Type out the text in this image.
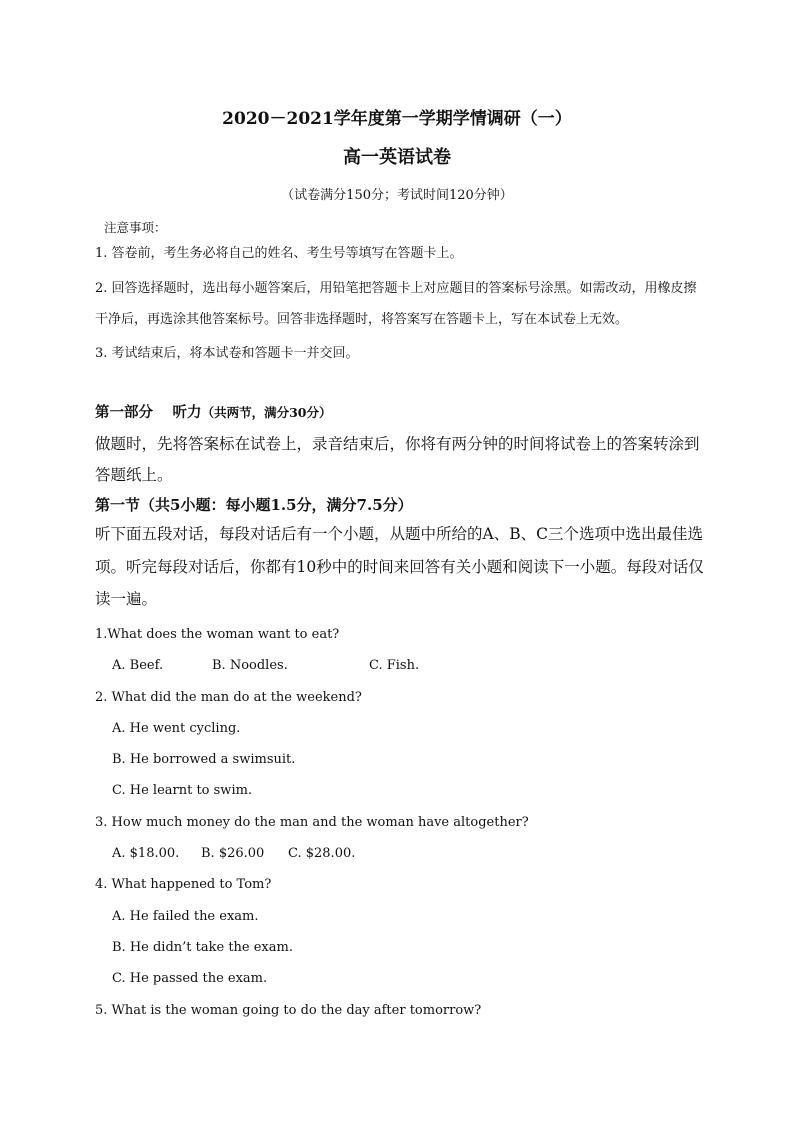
2020－2021学年度第一学期学情调研（一）
高一英语试卷
（试卷满分150分；考试时间120分钟）
注意事项：

1. 答卷前，考生务必将自己的姓名、考生号等填写在答题卡上。

2. 回答选择题时，选出每小题答案后，用铅笔把答题卡上对应题目的答案标号涂黑。如需改动，用橡皮擦干净后，再选涂其他答案标号。回答非选择题时，将答案写在答题卡上，写在本试卷上无效。

3. 考试结束后，将本试卷和答题卡一并交回。

第一部分　 听力（共两节，满分30分）
做题时，先将答案标在试卷上，录音结束后，你将有两分钟的时间将试卷上的答案转涂到答题纸上。
第一节（共5小题：每小题1.5分，满分7.5分）
听下面五段对话，每段对话后有一个小题，从题中所给的A、B、C三个选项中选出最佳选项。听完每段对话后，你都有10秒中的时间来回答有关小题和阅读下一小题。每段对话仅读一遍。

1.What does the woman want to eat?

A. Beef.	B. Noodles.	C. Fish.

2. What did the man do at the weekend?

A. He went cycling.

B. He borrowed a swimsuit.

C. He learnt to swim.

3. How much money do the man and the woman have altogether?

A. $18.00. B. $26.00 C. $28.00.

4. What happened to Tom?

A. He failed the exam.

B. He didn’t take the exam.

C. He passed the exam.

5. What is the woman going to do the day after tomorrow?
